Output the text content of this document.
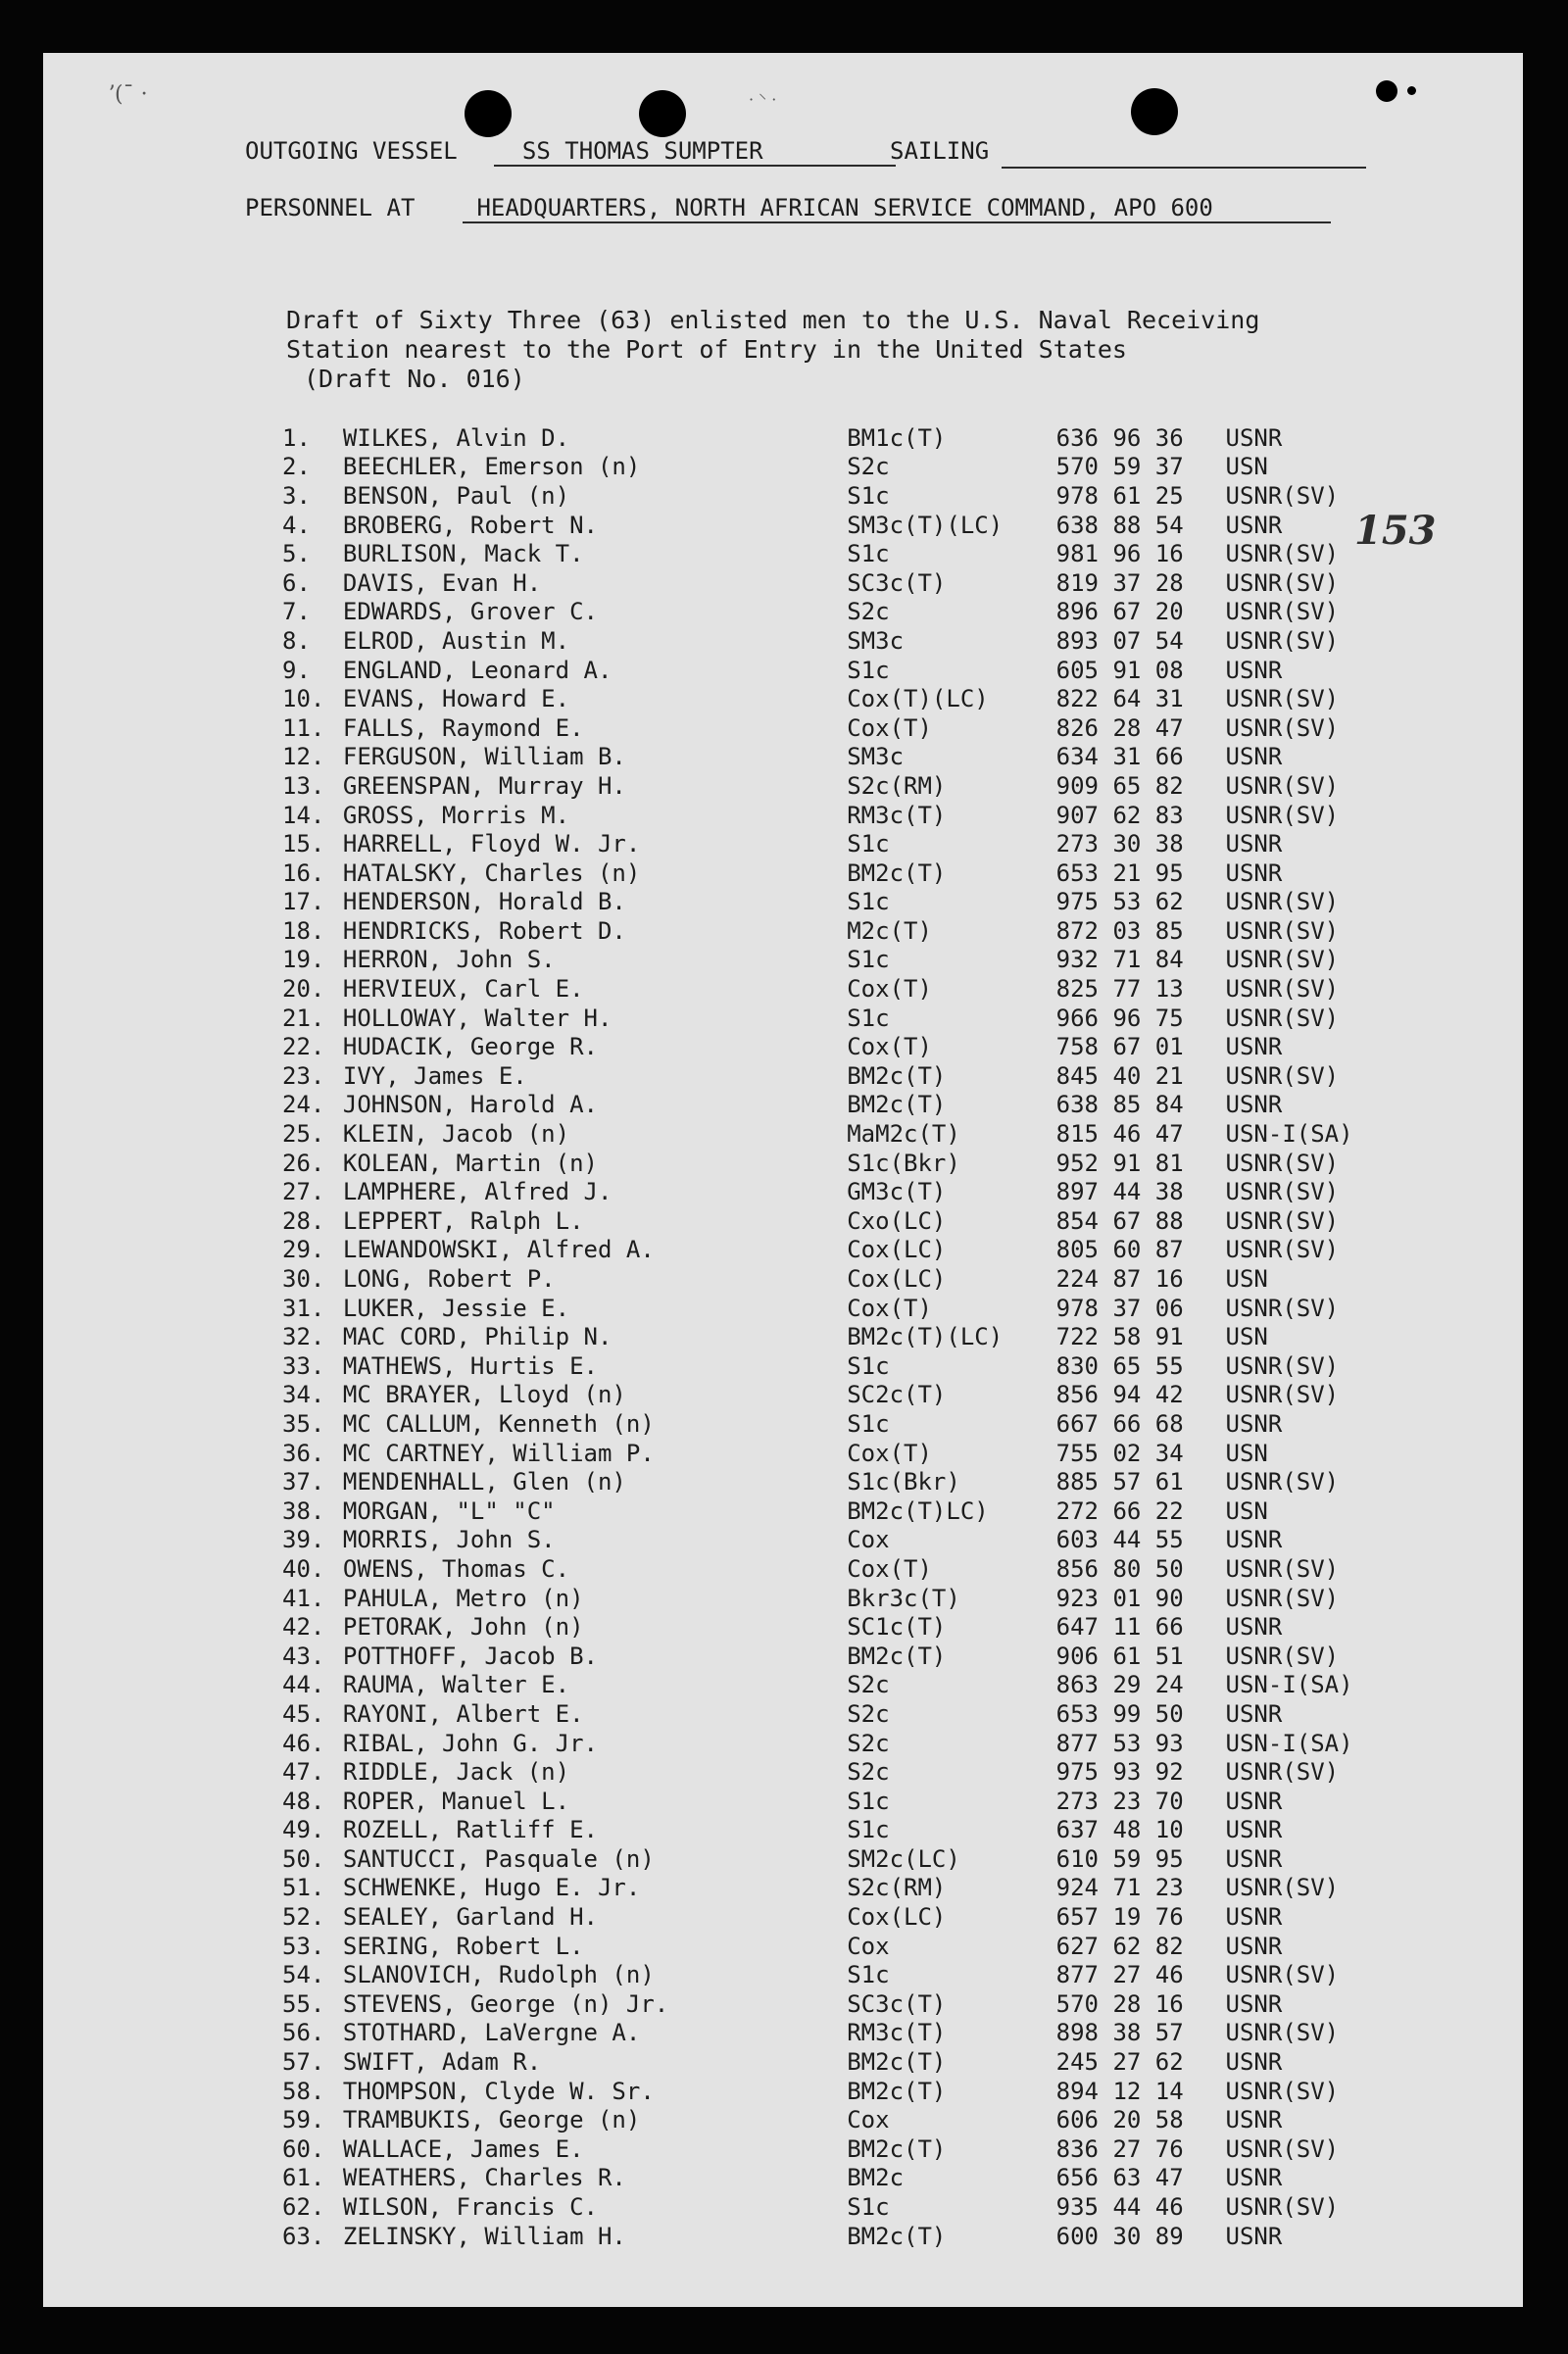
ʼ(ˉ ·	· ⸌ ·
OUTGOING VESSEL	SS THOMAS SUMPTER	SAILING
PERSONNEL AT	HEADQUARTERS, NORTH AFRICAN SERVICE COMMAND, APO 600
Draft of Sixty Three (63) enlisted men to the U.S. Naval Receiving
Station nearest to the Port of Entry in the United States
(Draft No. 016)
153
1.	WILKES, Alvin D.	BM1c(T)	636 96 36	USNR
2.	BEECHLER, Emerson (n)	S2c	570 59 37	USN
3.	BENSON, Paul (n)	S1c	978 61 25	USNR(SV)
4.	BROBERG, Robert N.	SM3c(T)(LC)	638 88 54	USNR
5.	BURLISON, Mack T.	S1c	981 96 16	USNR(SV)
6.	DAVIS, Evan H.	SC3c(T)	819 37 28	USNR(SV)
7.	EDWARDS, Grover C.	S2c	896 67 20	USNR(SV)
8.	ELROD, Austin M.	SM3c	893 07 54	USNR(SV)
9.	ENGLAND, Leonard A.	S1c	605 91 08	USNR
10.	EVANS, Howard E.	Cox(T)(LC)	822 64 31	USNR(SV)
11.	FALLS, Raymond E.	Cox(T)	826 28 47	USNR(SV)
12.	FERGUSON, William B.	SM3c	634 31 66	USNR
13.	GREENSPAN, Murray H.	S2c(RM)	909 65 82	USNR(SV)
14.	GROSS, Morris M.	RM3c(T)	907 62 83	USNR(SV)
15.	HARRELL, Floyd W. Jr.	S1c	273 30 38	USNR
16.	HATALSKY, Charles (n)	BM2c(T)	653 21 95	USNR
17.	HENDERSON, Horald B.	S1c	975 53 62	USNR(SV)
18.	HENDRICKS, Robert D.	M2c(T)	872 03 85	USNR(SV)
19.	HERRON, John S.	S1c	932 71 84	USNR(SV)
20.	HERVIEUX, Carl E.	Cox(T)	825 77 13	USNR(SV)
21.	HOLLOWAY, Walter H.	S1c	966 96 75	USNR(SV)
22.	HUDACIK, George R.	Cox(T)	758 67 01	USNR
23.	IVY, James E.	BM2c(T)	845 40 21	USNR(SV)
24.	JOHNSON, Harold A.	BM2c(T)	638 85 84	USNR
25.	KLEIN, Jacob (n)	MaM2c(T)	815 46 47	USN-I(SA)
26.	KOLEAN, Martin (n)	S1c(Bkr)	952 91 81	USNR(SV)
27.	LAMPHERE, Alfred J.	GM3c(T)	897 44 38	USNR(SV)
28.	LEPPERT, Ralph L.	Cxo(LC)	854 67 88	USNR(SV)
29.	LEWANDOWSKI, Alfred A.	Cox(LC)	805 60 87	USNR(SV)
30.	LONG, Robert P.	Cox(LC)	224 87 16	USN
31.	LUKER, Jessie E.	Cox(T)	978 37 06	USNR(SV)
32.	MAC CORD, Philip N.	BM2c(T)(LC)	722 58 91	USN
33.	MATHEWS, Hurtis E.	S1c	830 65 55	USNR(SV)
34.	MC BRAYER, Lloyd (n)	SC2c(T)	856 94 42	USNR(SV)
35.	MC CALLUM, Kenneth (n)	S1c	667 66 68	USNR
36.	MC CARTNEY, William P.	Cox(T)	755 02 34	USN
37.	MENDENHALL, Glen (n)	S1c(Bkr)	885 57 61	USNR(SV)
38.	MORGAN, "L" "C"	BM2c(T)LC)	272 66 22	USN
39.	MORRIS, John S.	Cox	603 44 55	USNR
40.	OWENS, Thomas C.	Cox(T)	856 80 50	USNR(SV)
41.	PAHULA, Metro (n)	Bkr3c(T)	923 01 90	USNR(SV)
42.	PETORAK, John (n)	SC1c(T)	647 11 66	USNR
43.	POTTHOFF, Jacob B.	BM2c(T)	906 61 51	USNR(SV)
44.	RAUMA, Walter E.	S2c	863 29 24	USN-I(SA)
45.	RAYONI, Albert E.	S2c	653 99 50	USNR
46.	RIBAL, John G. Jr.	S2c	877 53 93	USN-I(SA)
47.	RIDDLE, Jack (n)	S2c	975 93 92	USNR(SV)
48.	ROPER, Manuel L.	S1c	273 23 70	USNR
49.	ROZELL, Ratliff E.	S1c	637 48 10	USNR
50.	SANTUCCI, Pasquale (n)	SM2c(LC)	610 59 95	USNR
51.	SCHWENKE, Hugo E. Jr.	S2c(RM)	924 71 23	USNR(SV)
52.	SEALEY, Garland H.	Cox(LC)	657 19 76	USNR
53.	SERING, Robert L.	Cox	627 62 82	USNR
54.	SLANOVICH, Rudolph (n)	S1c	877 27 46	USNR(SV)
55.	STEVENS, George (n) Jr.	SC3c(T)	570 28 16	USNR
56.	STOTHARD, LaVergne A.	RM3c(T)	898 38 57	USNR(SV)
57.	SWIFT, Adam R.	BM2c(T)	245 27 62	USNR
58.	THOMPSON, Clyde W. Sr.	BM2c(T)	894 12 14	USNR(SV)
59.	TRAMBUKIS, George (n)	Cox	606 20 58	USNR
60.	WALLACE, James E.	BM2c(T)	836 27 76	USNR(SV)
61.	WEATHERS, Charles R.	BM2c	656 63 47	USNR
62.	WILSON, Francis C.	S1c	935 44 46	USNR(SV)
63.	ZELINSKY, William H.	BM2c(T)	600 30 89	USNR
